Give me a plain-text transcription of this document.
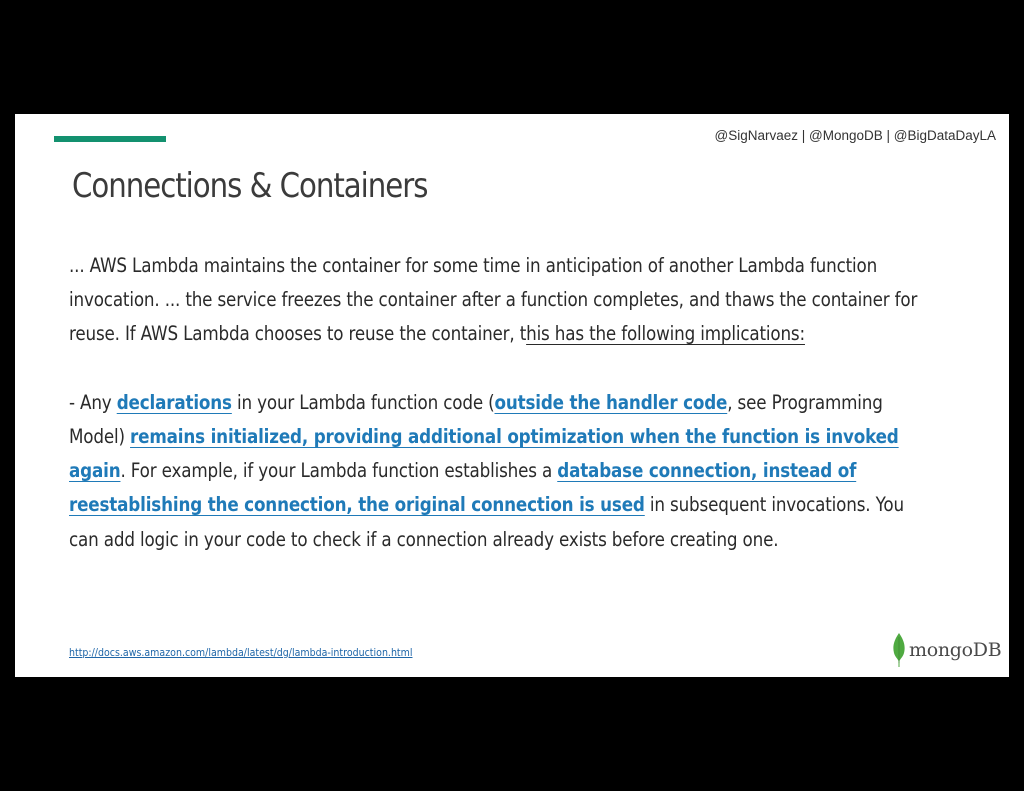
@SigNarvaez | @MongoDB | @BigDataDayLA
Connections & Containers

... AWS Lambda maintains the container for some time in anticipation of another Lambda function invocation. ... the service freezes the container after a function completes, and thaws the container for reuse. If AWS Lambda chooses to reuse the container, this has the following implications:

- Any declarations in your Lambda function code (outside the handler code, see Programming Model) remains initialized, providing additional optimization when the function is invoked again. For example, if your Lambda function establishes a database connection, instead of reestablishing the connection, the original connection is used in subsequent invocations. You can add logic in your code to check if a connection already exists before creating one.

http://docs.aws.amazon.com/lambda/latest/dg/lambda-introduction.html	mongoDB
